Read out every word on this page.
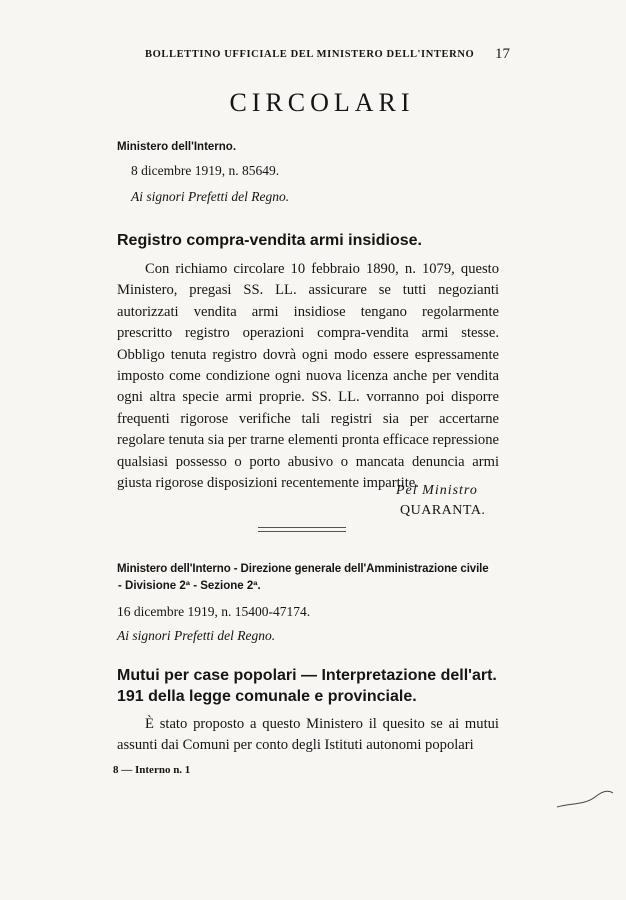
BOLLETTINO UFFICIALE DEL MINISTERO DELL'INTERNO 17
CIRCOLARI
Ministero dell'Interno.
8 dicembre 1919, n. 85649.
Ai signori Prefetti del Regno.
Registro compra-vendita armi insidiose.

Con richiamo circolare 10 febbraio 1890, n. 1079, questo Ministero, pregasi SS. LL. assicurare se tutti negozianti autorizzati vendita armi insidiose tengano regolarmente prescritto registro operazioni compra-vendita armi stesse. Obbligo tenuta registro dovrà ogni modo essere espressamente imposto come condizione ogni nuova licenza anche per vendita ogni altra specie armi proprie. SS. LL. vorranno poi disporre frequenti rigorose verifiche tali registri sia per accertarne regolare tenuta sia per trarne elementi pronta efficace repressione qualsiasi possesso o porto abusivo o mancata denuncia armi giusta rigorose disposizioni recentemente impartite.

Pel Ministro
QUARANTA.
Ministero dell'Interno - Direzione generale dell'Amministrazione civile
- Divisione 2ª - Sezione 2ª.
16 dicembre 1919, n. 15400-47174.
Ai signori Prefetti del Regno.
Mutui per case popolari — Interpretazione dell'art. 191 della legge comunale e provinciale.

È stato proposto a questo Ministero il quesito se ai mutui assunti dai Comuni per conto degli Istituti autonomi popolari

8 — Interno n. 1
